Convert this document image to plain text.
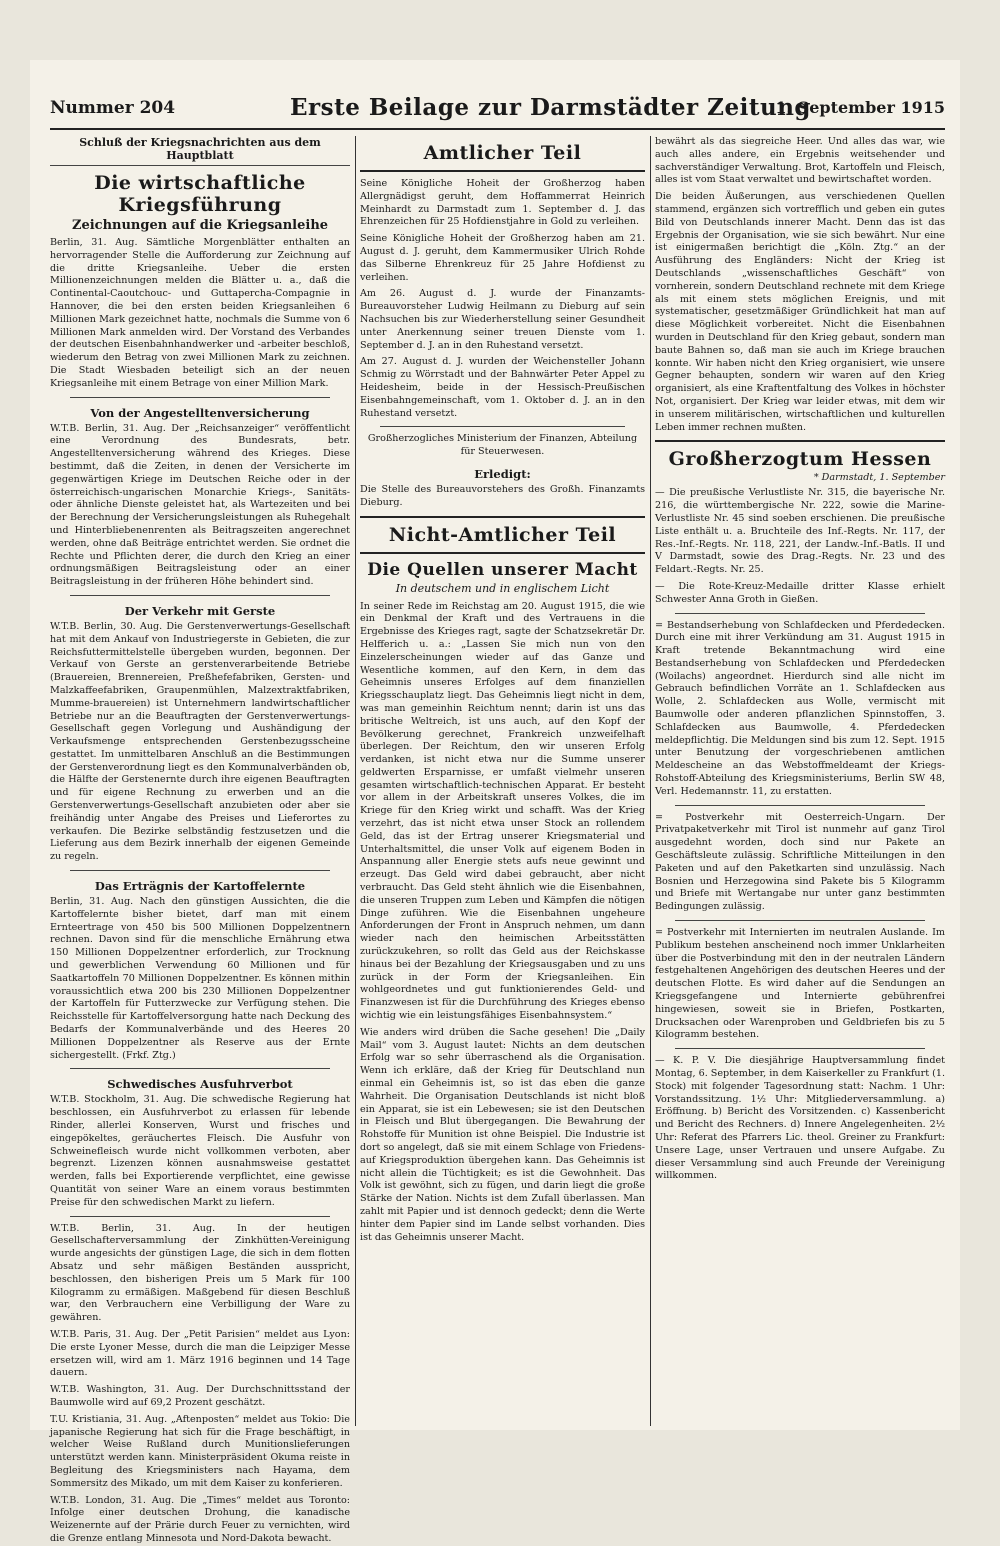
Nummer 204	Erste Beilage zur Darmstädter Zeitung
1. September 1915
Schluß der Kriegsnachrichten aus dem Hauptblatt
Die wirtschaftliche Kriegsführung
Zeichnungen auf die Kriegsanleihe

Berlin, 31. Aug. Sämtliche Morgenblätter enthalten an hervorragender Stelle die Aufforderung zur Zeichnung auf die dritte Kriegsanleihe. Ueber die ersten Millionenzeichnungen melden die Blätter u. a., daß die Continental-Caoutchouc- und Guttapercha-Compagnie in Hannover, die bei den ersten beiden Kriegsanleihen 6 Millionen Mark gezeichnet hatte, nochmals die Summe von 6 Millionen Mark anmelden wird. Der Vorstand des Verbandes der deutschen Eisenbahnhandwerker und -arbeiter beschloß, wiederum den Betrag von zwei Millionen Mark zu zeichnen. Die Stadt Wiesbaden beteiligt sich an der neuen Kriegsanleihe mit einem Betrage von einer Million Mark.

Von der Angestelltenversicherung

W.T.B. Berlin, 31. Aug. Der „Reichsanzeiger“ veröffentlicht eine Verordnung des Bundesrats, betr. Angestelltenversicherung während des Krieges. Diese bestimmt, daß die Zeiten, in denen der Versicherte im gegenwärtigen Kriege im Deutschen Reiche oder in der österreichisch-ungarischen Monarchie Kriegs-, Sanitäts- oder ähnliche Dienste geleistet hat, als Wartezeiten und bei der Berechnung der Versicherungsleistungen als Ruhegehalt und Hinterbliebenenrenten als Beitragszeiten angerechnet werden, ohne daß Beiträge entrichtet werden. Sie ordnet die Rechte und Pflichten derer, die durch den Krieg an einer ordnungsmäßigen Beitragsleistung oder an einer Beitragsleistung in der früheren Höhe behindert sind.

Der Verkehr mit Gerste

W.T.B. Berlin, 30. Aug. Die Gerstenverwertungs-Gesellschaft hat mit dem Ankauf von Industriegerste in Gebieten, die zur Reichsfuttermittelstelle übergeben wurden, begonnen. Der Verkauf von Gerste an gerstenverarbeitende Betriebe (Brauereien, Brennereien, Preßhefefabriken, Gersten- und Malzkaffeefabriken, Graupenmühlen, Malzextraktfabriken, Mumme-brauereien) ist Unternehmern landwirtschaftlicher Betriebe nur an die Beauftragten der Gerstenverwertungs-Gesellschaft gegen Vorlegung und Aushändigung der Verkaufsmenge entsprechenden Gerstenbezugsscheine gestattet. Im unmittelbaren Anschluß an die Bestimmungen der Gerstenverordnung liegt es den Kommunalverbänden ob, die Hälfte der Gerstenernte durch ihre eigenen Beauftragten und für eigene Rechnung zu erwerben und an die Gerstenverwertungs-Gesellschaft anzubieten oder aber sie freihändig unter Angabe des Preises und Lieferortes zu verkaufen. Die Bezirke selbständig festzusetzen und die Lieferung aus dem Bezirk innerhalb der eigenen Gemeinde zu regeln.

Das Erträgnis der Kartoffelernte

Berlin, 31. Aug. Nach den günstigen Aussichten, die die Kartoffelernte bisher bietet, darf man mit einem Ernteertrage von 450 bis 500 Millionen Doppelzentnern rechnen. Davon sind für die menschliche Ernährung etwa 150 Millionen Doppelzentner erforderlich, zur Trocknung und gewerblichen Verwendung 60 Millionen und für Saatkartoffeln 70 Millionen Doppelzentner. Es können mithin voraussichtlich etwa 200 bis 230 Millionen Doppelzentner der Kartoffeln für Futterzwecke zur Verfügung stehen. Die Reichsstelle für Kartoffelversorgung hatte nach Deckung des Bedarfs der Kommunalverbände und des Heeres 20 Millionen Doppelzentner als Reserve aus der Ernte sichergestellt. (Frkf. Ztg.)

Schwedisches Ausfuhrverbot

W.T.B. Stockholm, 31. Aug. Die schwedische Regierung hat beschlossen, ein Ausfuhrverbot zu erlassen für lebende Rinder, allerlei Konserven, Wurst und frisches und eingepökeltes, geräuchertes Fleisch. Die Ausfuhr von Schweinefleisch wurde nicht vollkommen verboten, aber begrenzt. Lizenzen können ausnahmsweise gestattet werden, falls bei Exportierende verpflichtet, eine gewisse Quantität von seiner Ware an einem voraus bestimmten Preise für den schwedischen Markt zu liefern.

W.T.B. Berlin, 31. Aug. In der heutigen Gesellschafterversammlung der Zinkhütten-Vereinigung wurde angesichts der günstigen Lage, die sich in dem flotten Absatz und sehr mäßigen Beständen ausspricht, beschlossen, den bisherigen Preis um 5 Mark für 100 Kilogramm zu ermäßigen. Maßgebend für diesen Beschluß war, den Verbrauchern eine Verbilligung der Ware zu gewähren.

W.T.B. Paris, 31. Aug. Der „Petit Parisien“ meldet aus Lyon: Die erste Lyoner Messe, durch die man die Leipziger Messe ersetzen will, wird am 1. März 1916 beginnen und 14 Tage dauern.

W.T.B. Washington, 31. Aug. Der Durchschnittsstand der Baumwolle wird auf 69,2 Prozent geschätzt.

T.U. Kristiania, 31. Aug. „Aftenposten“ meldet aus Tokio: Die japanische Regierung hat sich für die Frage beschäftigt, in welcher Weise Rußland durch Munitionslieferungen unterstützt werden kann. Ministerpräsident Okuma reiste in Begleitung des Kriegsministers nach Hayama, dem Sommersitz des Mikado, um mit dem Kaiser zu konferieren.

W.T.B. London, 31. Aug. Die „Times“ meldet aus Toronto: Infolge einer deutschen Drohung, die kanadische Weizenernte auf der Prärie durch Feuer zu vernichten, wird die Grenze entlang Minnesota und Nord-Dakota bewacht.

Amtlicher Teil

Seine Königliche Hoheit der Großherzog haben Allergnädigst geruht, dem Hoffammerrat Heinrich Meinhardt zu Darmstadt zum 1. September d. J. das Ehrenzeichen für 25 Hofdienstjahre in Gold zu verleihen.

Seine Königliche Hoheit der Großherzog haben am 21. August d. J. geruht, dem Kammermusiker Ulrich Rohde das Silberne Ehrenkreuz für 25 Jahre Hofdienst zu verleihen.

Am 26. August d. J. wurde der Finanzamts-Bureauvorsteher Ludwig Heilmann zu Dieburg auf sein Nachsuchen bis zur Wiederherstellung seiner Gesundheit unter Anerkennung seiner treuen Dienste vom 1. September d. J. an in den Ruhestand versetzt.

Am 27. August d. J. wurden der Weichensteller Johann Schmig zu Wörrstadt und der Bahnwärter Peter Appel zu Heidesheim, beide in der Hessisch-Preußischen Eisenbahngemeinschaft, vom 1. Oktober d. J. an in den Ruhestand versetzt.

Großherzogliches Ministerium der Finanzen, Abteilung für Steuerwesen.

Erledigt:

Die Stelle des Bureauvorstehers des Großh. Finanzamts Dieburg.

Nicht-Amtlicher Teil
Die Quellen unserer Macht
In deutschem und in englischem Licht

In seiner Rede im Reichstag am 20. August 1915, die wie ein Denkmal der Kraft und des Vertrauens in die Ergebnisse des Krieges ragt, sagte der Schatzsekretär Dr. Helfferich u. a.: „Lassen Sie mich nun von den Einzelerscheinungen wieder auf das Ganze und Wesentliche kommen, auf den Kern, in dem das Geheimnis unseres Erfolges auf dem finanziellen Kriegsschauplatz liegt. Das Geheimnis liegt nicht in dem, was man gemeinhin Reichtum nennt; darin ist uns das britische Weltreich, ist uns auch, auf den Kopf der Bevölkerung gerechnet, Frankreich unzweifelhaft überlegen. Der Reichtum, den wir unseren Erfolg verdanken, ist nicht etwa nur die Summe unserer geldwerten Ersparnisse, er umfaßt vielmehr unseren gesamten wirtschaftlich-technischen Apparat. Er besteht vor allem in der Arbeitskraft unseres Volkes, die im Kriege für den Krieg wirkt und schafft. Was der Krieg verzehrt, das ist nicht etwa unser Stock an rollendem Geld, das ist der Ertrag unserer Kriegsmaterial und Unterhaltsmittel, die unser Volk auf eigenem Boden in Anspannung aller Energie stets aufs neue gewinnt und erzeugt. Das Geld wird dabei gebraucht, aber nicht verbraucht. Das Geld steht ähnlich wie die Eisenbahnen, die unseren Truppen zum Leben und Kämpfen die nötigen Dinge zuführen. Wie die Eisenbahnen ungeheure Anforderungen der Front in Anspruch nehmen, um dann wieder nach den heimischen Arbeitsstätten zurückzukehren, so rollt das Geld aus der Reichskasse hinaus bei der Bezahlung der Kriegsausgaben und zu uns zurück in der Form der Kriegsanleihen. Ein wohlgeordnetes und gut funktionierendes Geld- und Finanzwesen ist für die Durchführung des Krieges ebenso wichtig wie ein leistungsfähiges Eisenbahnsystem.“

Wie anders wird drüben die Sache gesehen! Die „Daily Mail“ vom 3. August lautet: Nichts an dem deutschen Erfolg war so sehr überraschend als die Organisation. Wenn ich erkläre, daß der Krieg für Deutschland nun einmal ein Geheimnis ist, so ist das eben die ganze Wahrheit. Die Organisation Deutschlands ist nicht bloß ein Apparat, sie ist ein Lebewesen; sie ist den Deutschen in Fleisch und Blut übergegangen. Die Bewahrung der Rohstoffe für Munition ist ohne Beispiel. Die Industrie ist dort so angelegt, daß sie mit einem Schlage von Friedens- auf Kriegsproduktion übergehen kann. Das Geheimnis ist nicht allein die Tüchtigkeit; es ist die Gewohnheit. Das Volk ist gewöhnt, sich zu fügen, und darin liegt die große Stärke der Nation. Nichts ist dem Zufall überlassen. Man zahlt mit Papier und ist dennoch gedeckt; denn die Werte hinter dem Papier sind im Lande selbst vorhanden. Dies ist das Geheimnis unserer Macht.

bewährt als das siegreiche Heer. Und alles das war, wie auch alles andere, ein Ergebnis weitsehender und sachverständiger Verwaltung. Brot, Kartoffeln und Fleisch, alles ist vom Staat verwaltet und bewirtschaftet worden.

Die beiden Äußerungen, aus verschiedenen Quellen stammend, ergänzen sich vortrefflich und geben ein gutes Bild von Deutschlands innerer Macht. Denn das ist das Ergebnis der Organisation, wie sie sich bewährt. Nur eine ist einigermaßen berichtigt die „Köln. Ztg.“ an der Ausführung des Engländers: Nicht der Krieg ist Deutschlands „wissenschaftliches Geschäft“ von vornherein, sondern Deutschland rechnete mit dem Kriege als mit einem stets möglichen Ereignis, und mit systematischer, gesetzmäßiger Gründlichkeit hat man auf diese Möglichkeit vorbereitet. Nicht die Eisenbahnen wurden in Deutschland für den Krieg gebaut, sondern man baute Bahnen so, daß man sie auch im Kriege brauchen konnte. Wir haben nicht den Krieg organisiert, wie unsere Gegner behaupten, sondern wir waren auf den Krieg organisiert, als eine Kraftentfaltung des Volkes in höchster Not, organisiert. Der Krieg war leider etwas, mit dem wir in unserem militärischen, wirtschaftlichen und kulturellen Leben immer rechnen mußten.

Großherzogtum Hessen
* Darmstadt, 1. September

— Die preußische Verlustliste Nr. 315, die bayerische Nr. 216, die württembergische Nr. 222, sowie die Marine-Verlustliste Nr. 45 sind soeben erschienen. Die preußische Liste enthält u. a. Bruchteile des Inf.-Regts. Nr. 117, der Res.-Inf.-Regts. Nr. 118, 221, der Landw.-Inf.-Batls. II und V Darmstadt, sowie des Drag.-Regts. Nr. 23 und des Feldart.-Regts. Nr. 25.

— Die Rote-Kreuz-Medaille dritter Klasse erhielt Schwester Anna Groth in Gießen.

= Bestandserhebung von Schlafdecken und Pferdedecken. Durch eine mit ihrer Verkündung am 31. August 1915 in Kraft tretende Bekanntmachung wird eine Bestandserhebung von Schlafdecken und Pferdedecken (Woilachs) angeordnet. Hierdurch sind alle nicht im Gebrauch befindlichen Vorräte an 1. Schlafdecken aus Wolle, 2. Schlafdecken aus Wolle, vermischt mit Baumwolle oder anderen pflanzlichen Spinnstoffen, 3. Schlafdecken aus Baumwolle, 4. Pferdedecken meldepflichtig. Die Meldungen sind bis zum 12. Sept. 1915 unter Benutzung der vorgeschriebenen amtlichen Meldescheine an das Webstoffmeldeamt der Kriegs-Rohstoff-Abteilung des Kriegsministeriums, Berlin SW 48, Verl. Hedemannstr. 11, zu erstatten.

= Postverkehr mit Oesterreich-Ungarn. Der Privatpaketverkehr mit Tirol ist nunmehr auf ganz Tirol ausgedehnt worden, doch sind nur Pakete an Geschäftsleute zulässig. Schriftliche Mitteilungen in den Paketen und auf den Paketkarten sind unzulässig. Nach Bosnien und Herzegowina sind Pakete bis 5 Kilogramm und Briefe mit Wertangabe nur unter ganz bestimmten Bedingungen zulässig.

= Postverkehr mit Internierten im neutralen Auslande. Im Publikum bestehen anscheinend noch immer Unklarheiten über die Postverbindung mit den in der neutralen Ländern festgehaltenen Angehörigen des deutschen Heeres und der deutschen Flotte. Es wird daher auf die Sendungen an Kriegsgefangene und Internierte gebührenfrei hingewiesen, soweit sie in Briefen, Postkarten, Drucksachen oder Warenproben und Geldbriefen bis zu 5 Kilogramm bestehen.

— K. P. V. Die diesjährige Hauptversammlung findet Montag, 6. September, in dem Kaiserkeller zu Frankfurt (1. Stock) mit folgender Tagesordnung statt: Nachm. 1 Uhr: Vorstandssitzung. 1½ Uhr: Mitgliederversammlung. a) Eröffnung. b) Bericht des Vorsitzenden. c) Kassenbericht und Bericht des Rechners. d) Innere Angelegenheiten. 2½ Uhr: Referat des Pfarrers Lic. theol. Greiner zu Frankfurt: Unsere Lage, unser Vertrauen und unsere Aufgabe. Zu dieser Versammlung sind auch Freunde der Vereinigung willkommen.
